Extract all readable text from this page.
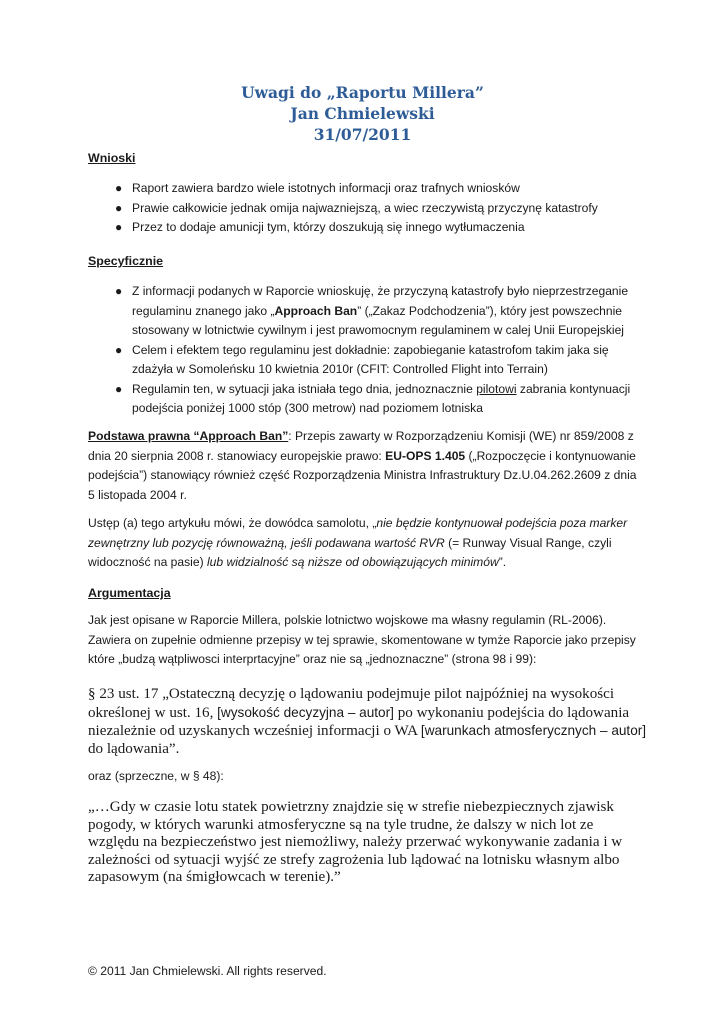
Uwagi do „Raportu Millera”
Jan Chmielewski
31/07/2011
Wnioski
● Raport zawiera bardzo wiele istotnych informacji oraz trafnych wniosków
● Prawie całkowicie jednak omija najwazniejszą, a wiec rzeczywistą przyczynę katastrofy
● Przez to dodaje amunicji tym, którzy doszukują się innego wytłumaczenia
Specyficznie
● Z informacji podanych w Raporcie wnioskuję, że przyczyną katastrofy było nieprzestrzeganie regulaminu znanego jako „Approach Ban” („Zakaz Podchodzenia”), który jest powszechnie stosowany w lotnictwie cywilnym i jest prawomocnym regulaminem w calej Unii Europejskiej
● Celem i efektem tego regulaminu jest dokładnie: zapobieganie katastrofom takim jaka się zdażyła w Somoleńsku 10 kwietnia 2010r (CFIT: Controlled Flight into Terrain)
● Regulamin ten, w sytuacji jaka istniała tego dnia, jednoznacznie pilotowi zabrania kontynuacji podejścia poniżej 1000 stóp (300 metrow) nad poziomem lotniska

Podstawa prawna “Approach Ban”: Przepis zawarty w Rozporządzeniu Komisji (WE) nr 859/2008 z dnia 20 sierpnia 2008 r. stanowiacy europejskie prawo: EU-OPS 1.405 („Rozpoczęcie i kontynuowanie podejścia”) stanowiący również część Rozporządzenia Ministra Infrastruktury Dz.U.04.262.2609 z dnia 5 listopada 2004 r.

Ustęp (a) tego artykułu mówi, że dowódca samolotu, „nie będzie kontynuował podejścia poza marker zewnętrzny lub pozycję równoważną, jeśli podawana wartość RVR (= Runway Visual Range, czyli widoczność na pasie) lub widzialność są niższe od obowiązujących minimów”.

Argumentacja

Jak jest opisane w Raporcie Millera, polskie lotnictwo wojskowe ma własny regulamin (RL-2006). Zawiera on zupełnie odmienne przepisy w tej sprawie, skomentowane w tymże Raporcie jako przepisy które „budzą wątpliwosci interprtacyjne” oraz nie są „jednoznaczne” (strona 98 i 99):

§ 23 ust. 17 „Ostateczną decyzję o lądowaniu podejmuje pilot najpóźniej na wysokości określonej w ust. 16, [wysokość decyzyjna – autor] po wykonaniu podejścia do lądowania niezależnie od uzyskanych wcześniej informacji o WA [warunkach atmosferycznych – autor] do lądowania”.

oraz (sprzeczne, w § 48):

„…Gdy w czasie lotu statek powietrzny znajdzie się w strefie niebezpiecznych zjawisk pogody, w których warunki atmosferyczne są na tyle trudne, że dalszy w nich lot ze względu na bezpieczeństwo jest niemożliwy, należy przerwać wykonywanie zadania i w zależności od sytuacji wyjść ze strefy zagrożenia lub lądować na lotnisku własnym albo zapasowym (na śmigłowcach w terenie).”

© 2011 Jan Chmielewski. All rights reserved.
